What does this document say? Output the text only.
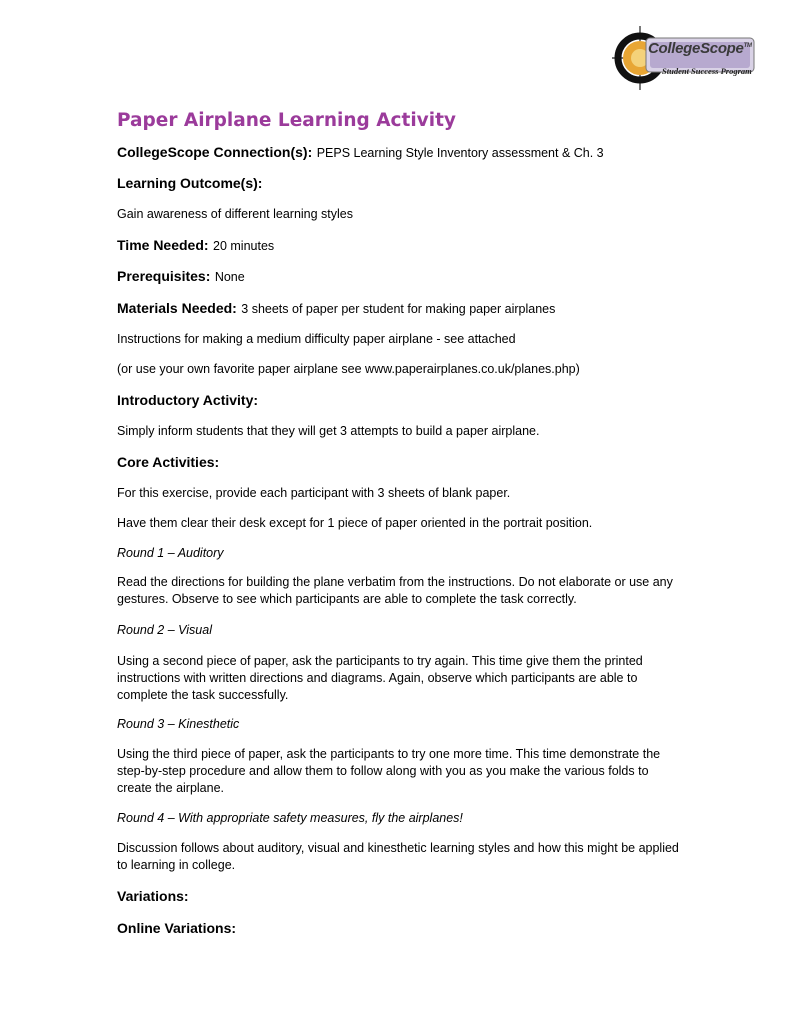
CollegeScope™
Student Success Program
Paper Airplane Learning Activity
CollegeScope Connection(s): PEPS Learning Style Inventory assessment & Ch. 3
Learning Outcome(s):
Gain awareness of different learning styles
Time Needed: 20 minutes
Prerequisites: None
Materials Needed: 3 sheets of paper per student for making paper airplanes
Instructions for making a medium difficulty paper airplane - see attached
(or use your own favorite paper airplane see www.paperairplanes.co.uk/planes.php)
Introductory Activity:
Simply inform students that they will get 3 attempts to build a paper airplane.
Core Activities:
For this exercise, provide each participant with 3 sheets of blank paper.
Have them clear their desk except for 1 piece of paper oriented in the portrait position.
Round 1 – Auditory

Read the directions for building the plane verbatim from the instructions. Do not elaborate or use any gestures. Observe to see which participants are able to complete the task correctly.

Round 2 – Visual

Using a second piece of paper, ask the participants to try again. This time give them the printed instructions with written directions and diagrams. Again, observe which participants are able to complete the task successfully.

Round 3 – Kinesthetic

Using the third piece of paper, ask the participants to try one more time. This time demonstrate the step-by-step procedure and allow them to follow along with you as you make the various folds to create the airplane.

Round 4 – With appropriate safety measures, fly the airplanes!

Discussion follows about auditory, visual and kinesthetic learning styles and how this might be applied to learning in college.

Variations:
Online Variations:
